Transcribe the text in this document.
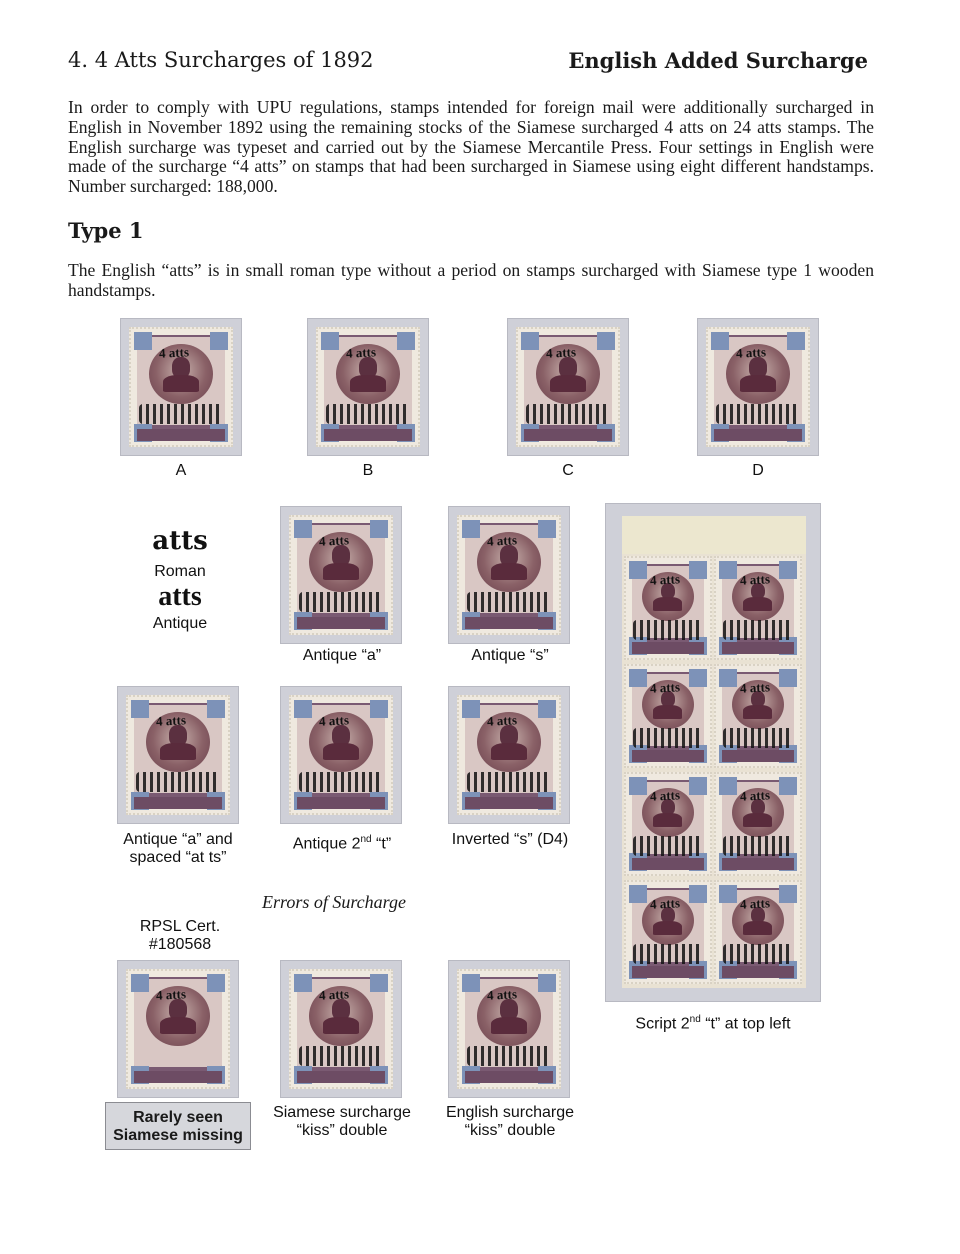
4. 4 Atts Surcharges of 1892	English Added Surcharge
In order to comply with UPU regulations, stamps intended for foreign mail were additionally surcharged in English in November 1892 using the remaining stocks of the Siamese surcharged 4 atts on 24 atts stamps. The English surcharge was typeset and carried out by the Siamese Mercantile Press. Four settings in English were made of the surcharge “4 atts” on stamps that had been surcharged in Siamese using eight different handstamps. Number surcharged: 188,000.
Type 1
The English “atts” is in small roman type without a period on stamps surcharged with Siamese type 1 wooden handstamps.
4 atts
A
4 atts
B
4 atts
C
4 atts
D
atts
Roman
atts
Antique
4 atts
Antique “a”
4 atts
Antique “s”
4 atts
Antique “a” and spaced “at ts”
4 atts
Antique 2nd “t”
4 atts
Inverted “s” (D4)
Errors of Surcharge
RPSL Cert. #180568
4 atts
Rarely seen
Siamese missing
4 atts
Siamese surcharge “kiss” double
4 atts
English surcharge “kiss” double
4 atts	4 atts
4 atts	4 atts
4 atts	4 atts
4 atts	4 atts
Script 2nd “t” at top left
